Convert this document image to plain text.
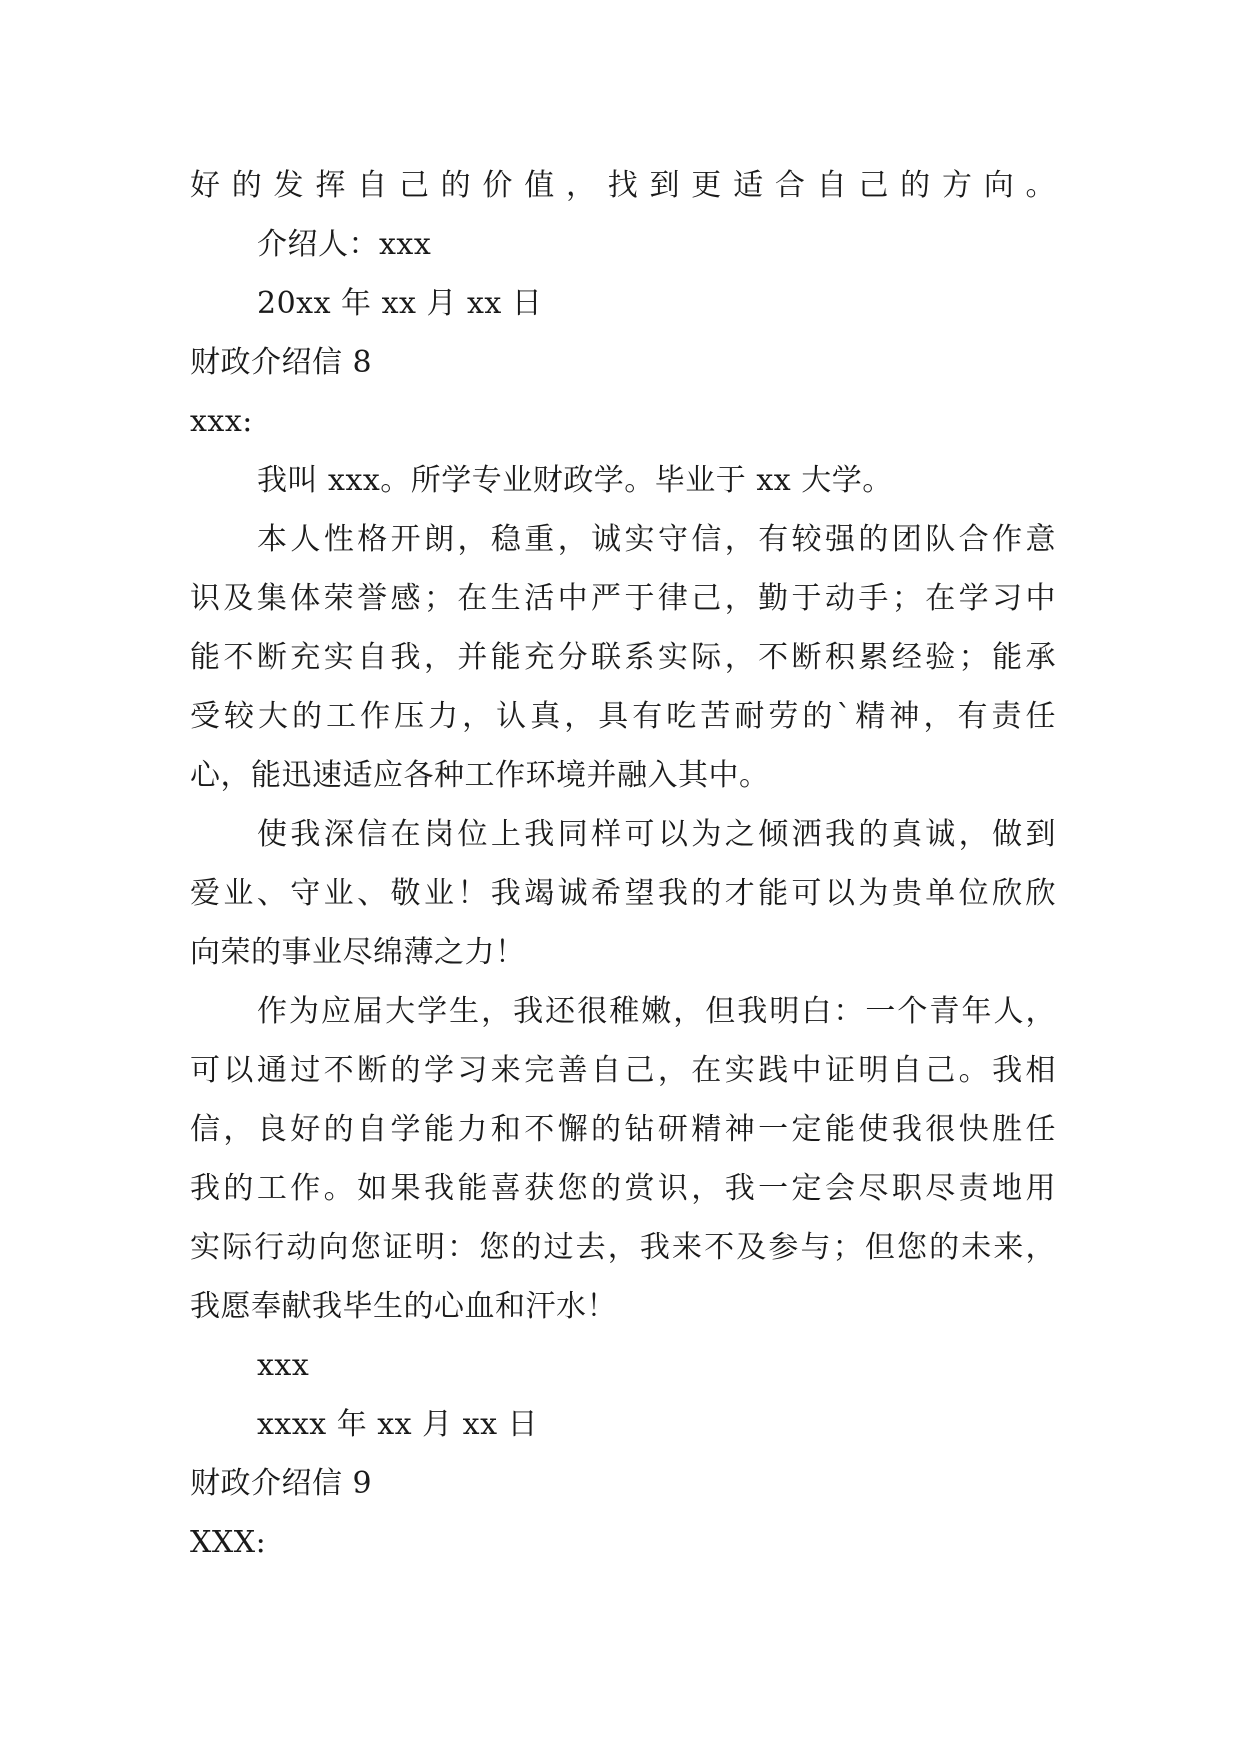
好的发挥自己的价值，找到更适合自己的方向。
介绍人：xxx
20xx 年 xx 月 xx 日
财政介绍信 8
xxx:
我叫 xxx。所学专业财政学。毕业于 xx 大学。
本人性格开朗，稳重，诚实守信，有较强的团队合作意
识及集体荣誉感；在生活中严于律己，勤于动手；在学习中
能不断充实自我，并能充分联系实际，不断积累经验；能承
受较大的工作压力，认真，具有吃苦耐劳的`精神，有责任
心，能迅速适应各种工作环境并融入其中。
使我深信在岗位上我同样可以为之倾洒我的真诚，做到
爱业、守业、敬业！我竭诚希望我的才能可以为贵单位欣欣
向荣的事业尽绵薄之力！
作为应届大学生，我还很稚嫩，但我明白：一个青年人，
可以通过不断的学习来完善自己，在实践中证明自己。我相
信，良好的自学能力和不懈的钻研精神一定能使我很快胜任
我的工作。如果我能喜获您的赏识，我一定会尽职尽责地用
实际行动向您证明：您的过去，我来不及参与；但您的未来，
我愿奉献我毕生的心血和汗水！
xxx
xxxx 年 xx 月 xx 日
财政介绍信 9
XXX:
